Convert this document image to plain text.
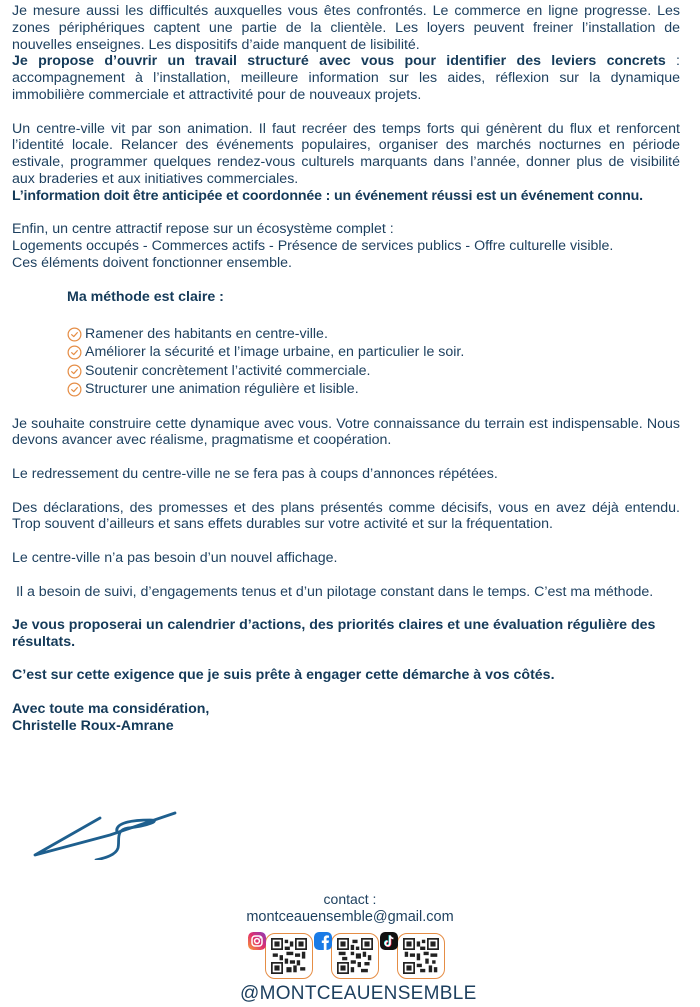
Je mesure aussi les difficultés auxquelles vous êtes confrontés. Le commerce en ligne progresse. Les zones périphériques captent une partie de la clientèle. Les loyers peuvent freiner l’installation de nouvelles enseignes. Les dispositifs d’aide manquent de lisibilité.

Je propose d’ouvrir un travail structuré avec vous pour identifier des leviers concrets : accompagnement à l’installation, meilleure information sur les aides, réflexion sur la dynamique immobilière commerciale et attractivité pour de nouveaux projets.

Un centre-ville vit par son animation. Il faut recréer des temps forts qui génèrent du flux et renforcent l’identité locale. Relancer des événements populaires, organiser des marchés nocturnes en période estivale, programmer quelques rendez-vous culturels marquants dans l’année, donner plus de visibilité aux braderies et aux initiatives commerciales.

L’information doit être anticipée et coordonnée : un événement réussi est un événement connu.

Enfin, un centre attractif repose sur un écosystème complet :

Logements occupés - Commerces actifs - Présence de services publics - Offre culturelle visible.

Ces éléments doivent fonctionner ensemble.

Ma méthode est claire :

Ramener des habitants en centre-ville.
Améliorer la sécurité et l’image urbaine, en particulier le soir.
Soutenir concrètement l’activité commerciale.
Structurer une animation régulière et lisible.

Je souhaite construire cette dynamique avec vous. Votre connaissance du terrain est indispensable. Nous devons avancer avec réalisme, pragmatisme et coopération.

Le redressement du centre-ville ne se fera pas à coups d’annonces répétées.

Des déclarations, des promesses et des plans présentés comme décisifs, vous en avez déjà entendu. Trop souvent d’ailleurs et sans effets durables sur votre activité et sur la fréquentation.

Le centre-ville n’a pas besoin d’un nouvel affichage.

Il a besoin de suivi, d’engagements tenus et d’un pilotage constant dans le temps. C’est ma méthode.

Je vous proposerai un calendrier d’actions, des priorités claires et une évaluation régulière des résultats.

C’est sur cette exigence que je suis prête à engager cette démarche à vos côtés.

Avec toute ma considération,

Christelle Roux-Amrane

contact :
montceauensemble@gmail.com
@MONTCEAUENSEMBLE
